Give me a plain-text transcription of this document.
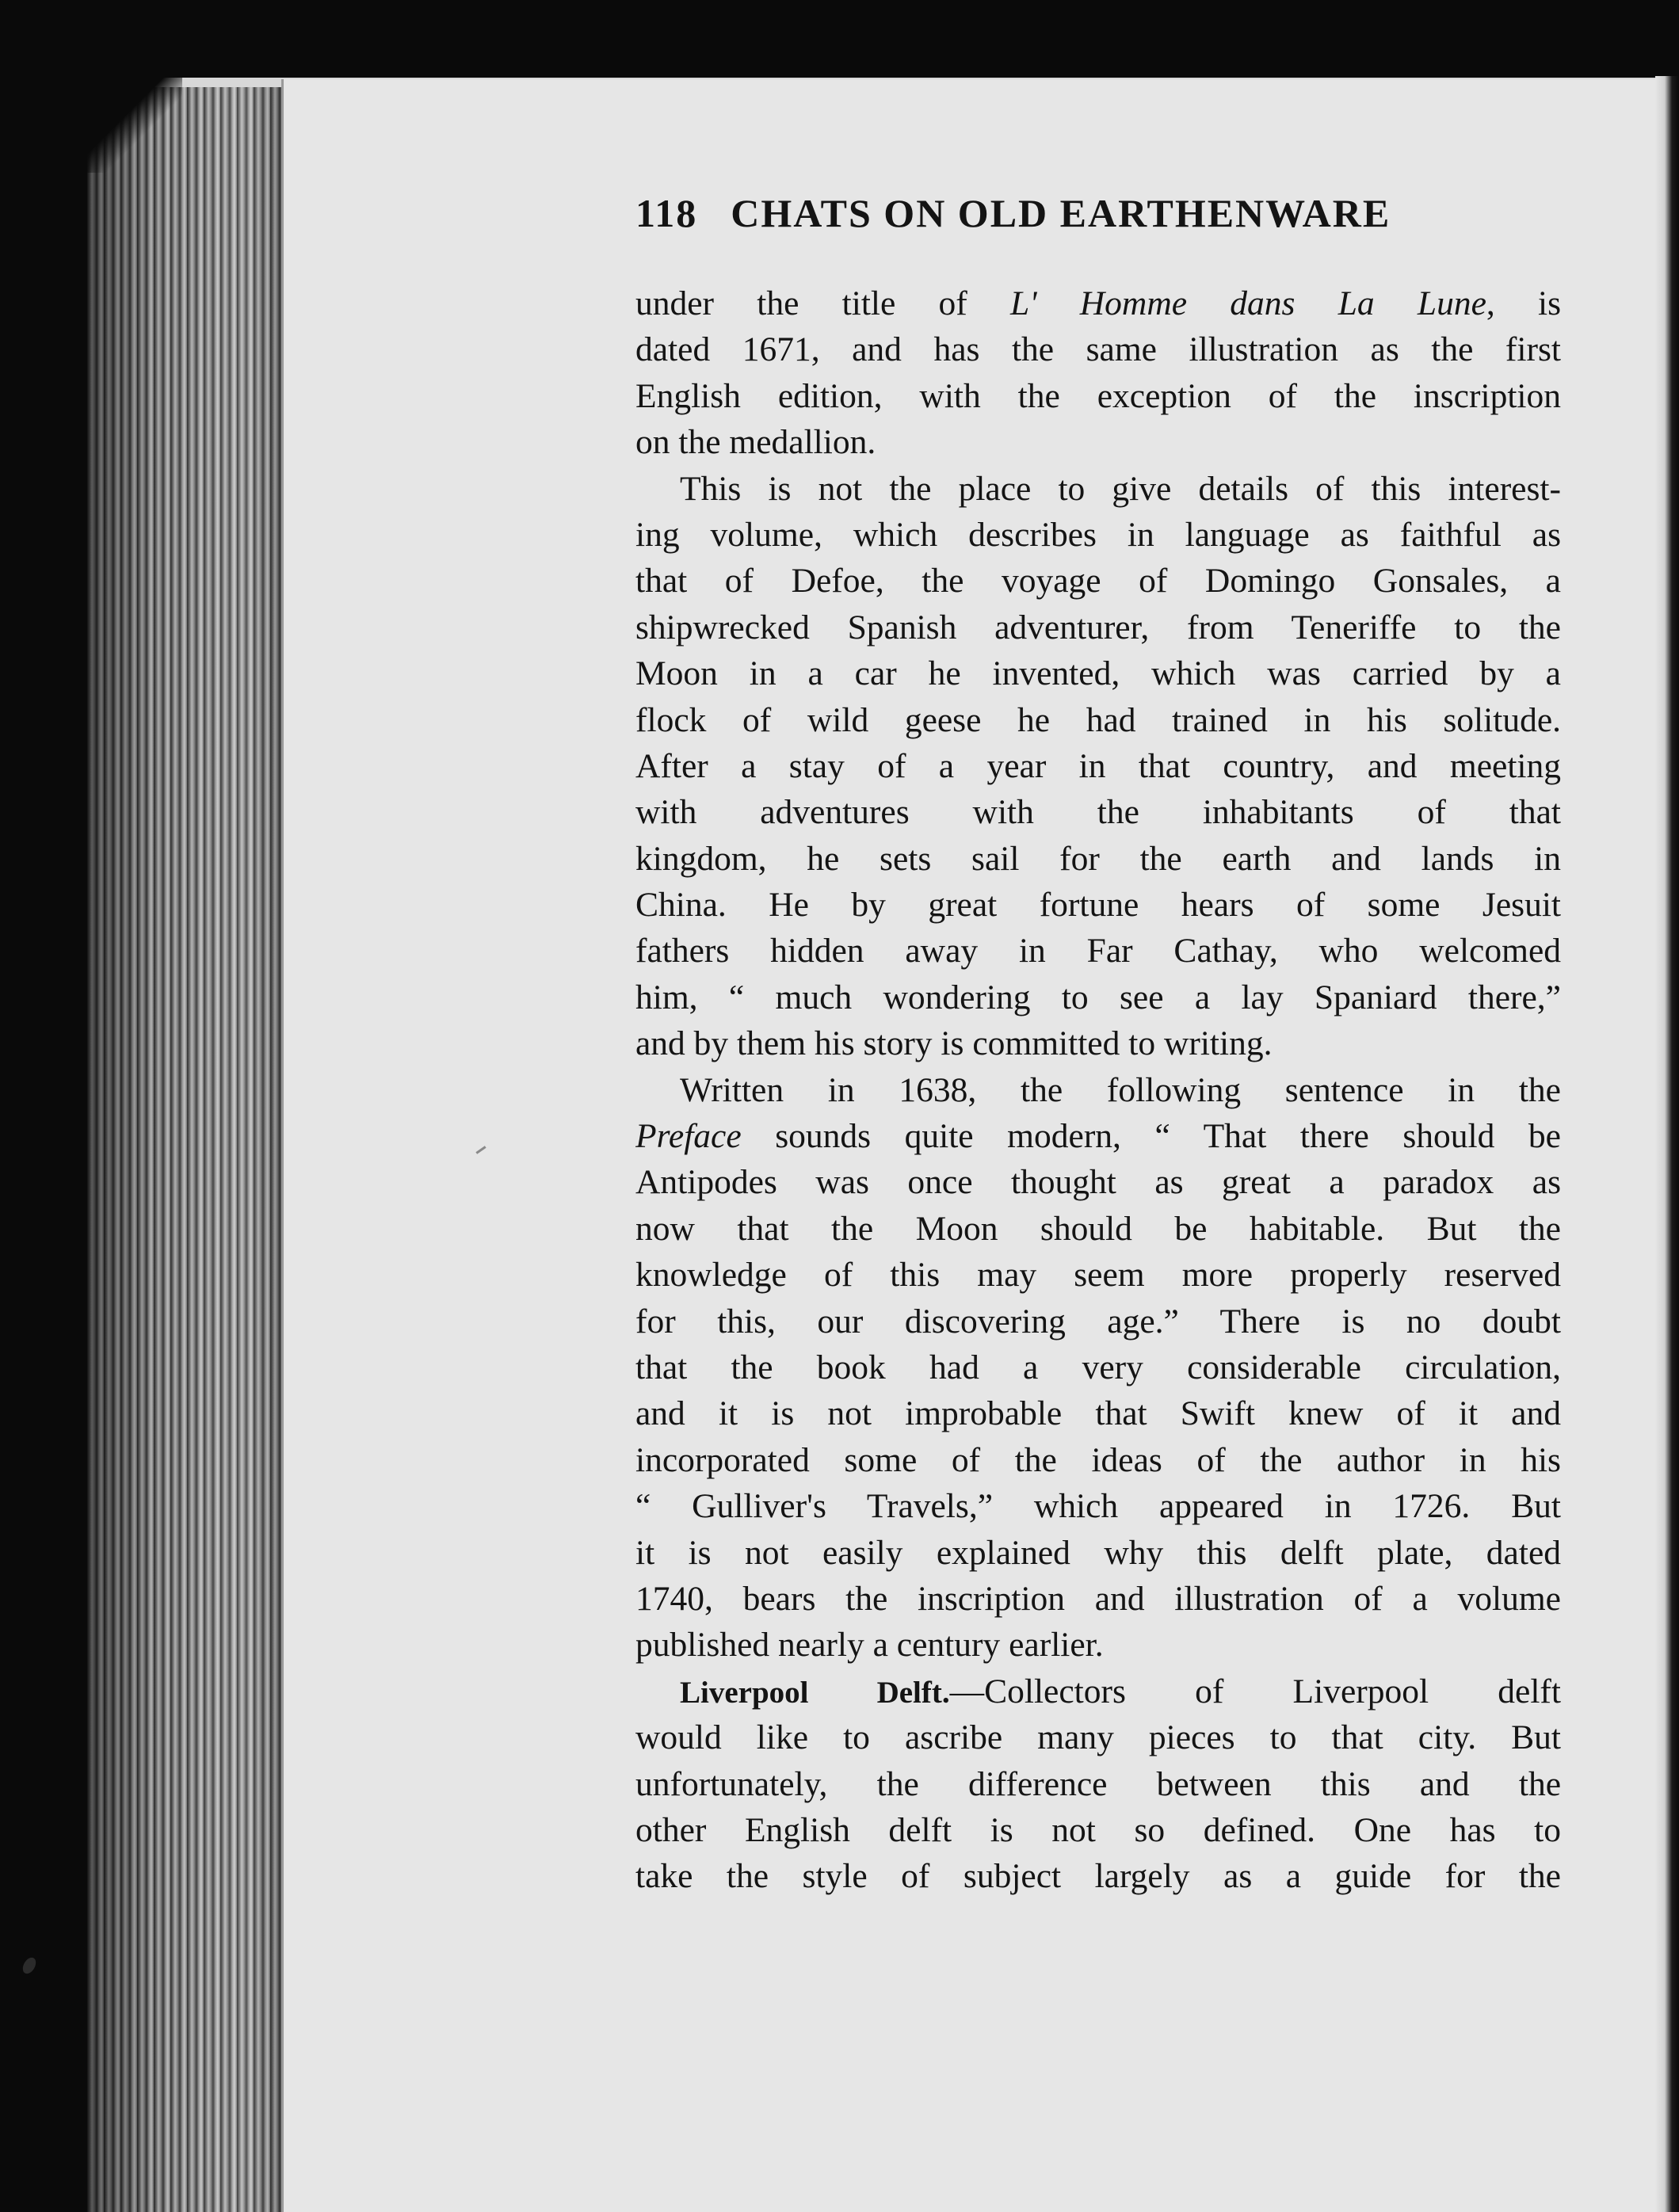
118 CHATS ON OLD EARTHENWARE
under the title of L' Homme dans La Lune, is
dated 1671, and has the same illustration as the first
English edition, with the exception of the inscription
on the medallion.
This is not the place to give details of this interest-
ing volume, which describes in language as faithful as
that of Defoe, the voyage of Domingo Gonsales, a
shipwrecked Spanish adventurer, from Teneriffe to the
Moon in a car he invented, which was carried by a
flock of wild geese he had trained in his solitude.
After a stay of a year in that country, and meeting
with adventures with the inhabitants of that
kingdom, he sets sail for the earth and lands in
China. He by great fortune hears of some Jesuit
fathers hidden away in Far Cathay, who welcomed
him, “ much wondering to see a lay Spaniard there,”
and by them his story is committed to writing.
Written in 1638, the following sentence in the
Preface sounds quite modern, “ That there should be
Antipodes was once thought as great a paradox as
now that the Moon should be habitable. But the
knowledge of this may seem more properly reserved
for this, our discovering age.” There is no doubt
that the book had a very considerable circulation,
and it is not improbable that Swift knew of it and
incorporated some of the ideas of the author in his
“ Gulliver's Travels,” which appeared in 1726. But
it is not easily explained why this delft plate, dated
1740, bears the inscription and illustration of a volume
published nearly a century earlier.
Liverpool Delft.—Collectors of Liverpool delft
would like to ascribe many pieces to that city. But
unfortunately, the difference between this and the
other English delft is not so defined. One has to
take the style of subject largely as a guide for the
